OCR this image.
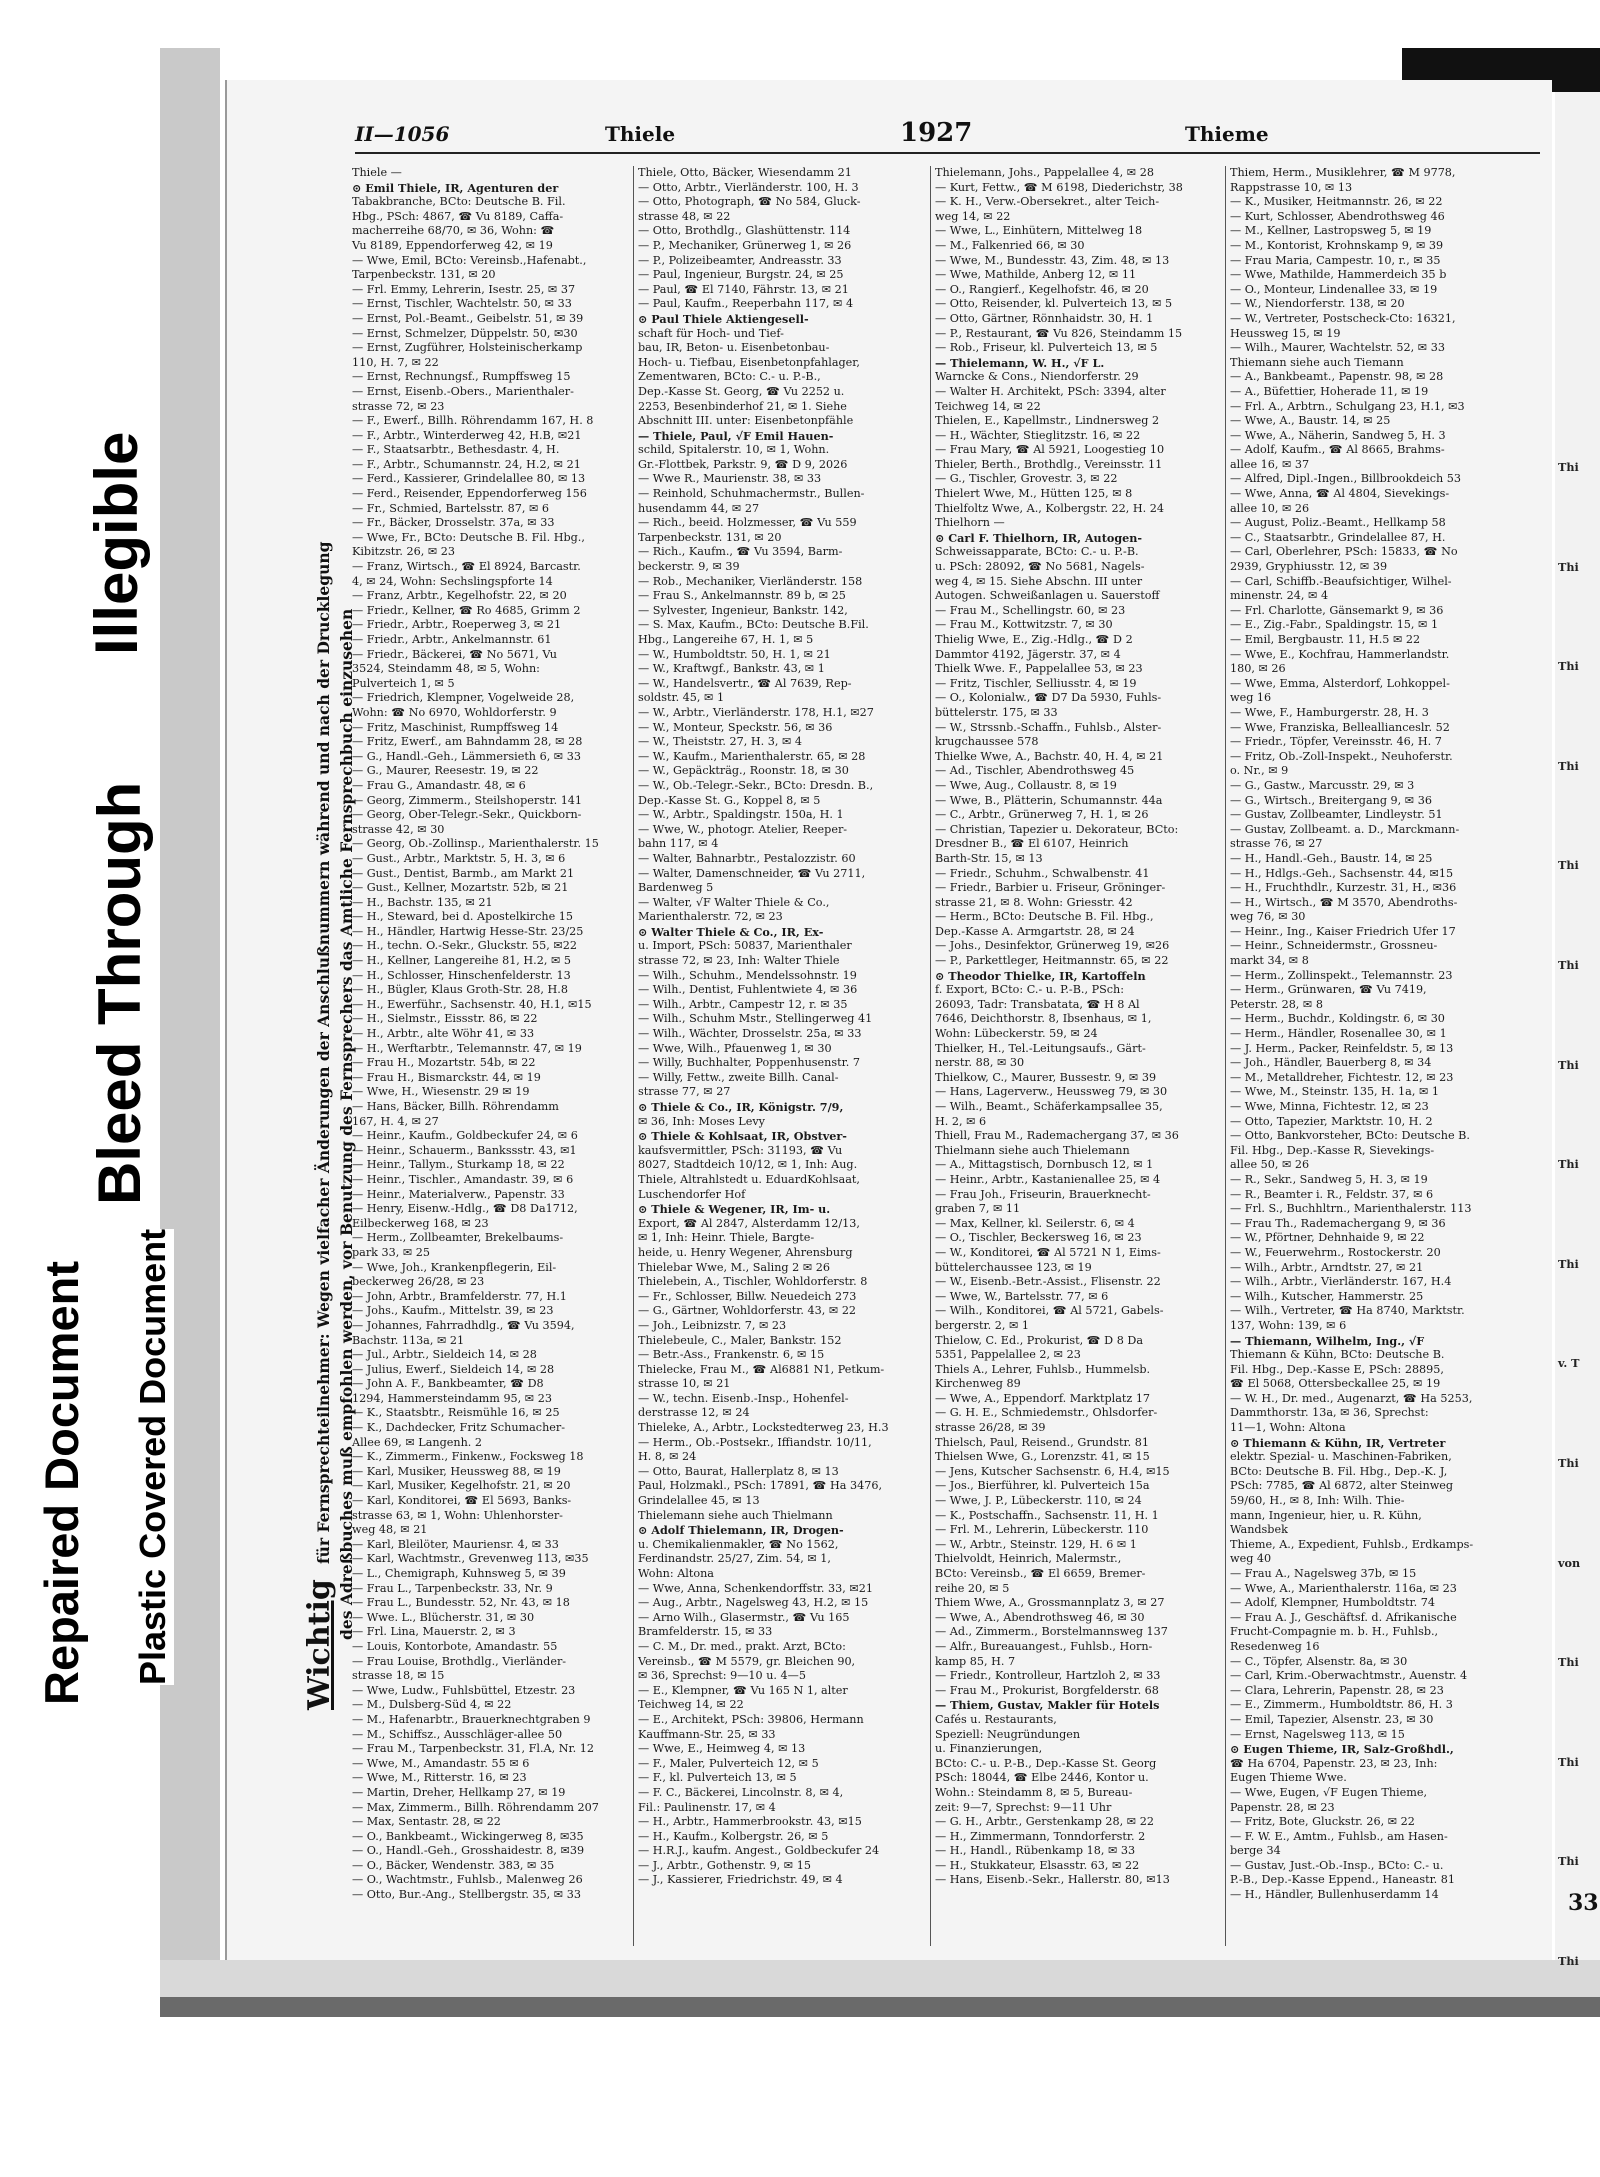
Repaired Document Plastic Covered Document
Bleed Through
Illegible
II—1056	Thiele	1927	Thieme
Wichtig für Fernsprechteilnehmer: Wegen vielfacher Änderungen der Anschlußnummern während und nach der Drucklegung des Adreßbuches muß empfohlen werden, vor Benutzung des Fernsprechers das Amtliche Fernsprechbuch einzusehen
Thiele —
⊙ Emil Thiele, IR, Agenturen der
Tabakbranche, BCto: Deutsche B. Fil.
Hbg., PSch: 4867, ☎ Vu 8189, Caffa-
macherreihe 68/70, ✉ 36, Wohn: ☎
Vu 8189, Eppendorferweg 42, ✉ 19
— Wwe, Emil, BCto: Vereinsb.,Hafenabt.,
Tarpenbeckstr. 131, ✉ 20
— Frl. Emmy, Lehrerin, Isestr. 25, ✉ 37
— Ernst, Tischler, Wachtelstr. 50, ✉ 33
— Ernst, Pol.-Beamt., Geibelstr. 51, ✉ 39
— Ernst, Schmelzer, Düppelstr. 50, ✉30
— Ernst, Zugführer, Holsteinischerkamp
110, H. 7, ✉ 22
— Ernst, Rechnungsf., Rumpffsweg 15
— Ernst, Eisenb.-Obers., Marienthaler-
strasse 72, ✉ 23
— F., Ewerf., Billh. Röhrendamm 167, H. 8
— F., Arbtr., Winterderweg 42, H.B, ✉21
— F., Staatsarbtr., Bethesdastr. 4, H.
— F., Arbtr., Schumannstr. 24, H.2, ✉ 21
— Ferd., Kassierer, Grindelallee 80, ✉ 13
— Ferd., Reisender, Eppendorferweg 156
— Fr., Schmied, Bartelsstr. 87, ✉ 6
— Fr., Bäcker, Drosselstr. 37a, ✉ 33
— Wwe, Fr., BCto: Deutsche B. Fil. Hbg.,
Kibitzstr. 26, ✉ 23
— Franz, Wirtsch., ☎ El 8924, Barcastr.
4, ✉ 24, Wohn: Sechslingspforte 14
— Franz, Arbtr., Kegelhofstr. 22, ✉ 20
— Friedr., Kellner, ☎ Ro 4685, Grimm 2
— Friedr., Arbtr., Roeperweg 3, ✉ 21
— Friedr., Arbtr., Ankelmannstr. 61
— Friedr., Bäckerei, ☎ No 5671, Vu
3524, Steindamm 48, ✉ 5, Wohn:
Pulverteich 1, ✉ 5
— Friedrich, Klempner, Vogelweide 28,
Wohn: ☎ No 6970, Wohldorferstr. 9
— Fritz, Maschinist, Rumpffsweg 14
— Fritz, Ewerf., am Bahndamm 28, ✉ 28
— G., Handl.-Geh., Lämmersieth 6, ✉ 33
— G., Maurer, Reesestr. 19, ✉ 22
— Frau G., Amandastr. 48, ✉ 6
— Georg, Zimmerm., Steilshoperstr. 141
— Georg, Ober-Telegr.-Sekr., Quickborn-
strasse 42, ✉ 30
— Georg, Ob.-Zollinsp., Marienthalerstr. 15
— Gust., Arbtr., Marktstr. 5, H. 3, ✉ 6
— Gust., Dentist, Barmb., am Markt 21
— Gust., Kellner, Mozartstr. 52b, ✉ 21
— H., Bachstr. 135, ✉ 21
— H., Steward, bei d. Apostelkirche 15
— H., Händler, Hartwig Hesse-Str. 23/25
— H., techn. O.-Sekr., Gluckstr. 55, ✉22
— H., Kellner, Langereihe 81, H.2, ✉ 5
— H., Schlosser, Hinschenfelderstr. 13
— H., Bügler, Klaus Groth-Str. 28, H.8
— H., Ewerführ., Sachsenstr. 40, H.1, ✉15
— H., Sielmstr., Eissstr. 86, ✉ 22
— H., Arbtr., alte Wöhr 41, ✉ 33
— H., Werftarbtr., Telemannstr. 47, ✉ 19
— Frau H., Mozartstr. 54b, ✉ 22
— Frau H., Bismarckstr. 44, ✉ 19
— Wwe, H., Wiesenstr. 29 ✉ 19
— Hans, Bäcker, Billh. Röhrendamm
167, H. 4, ✉ 27
— Heinr., Kaufm., Goldbeckufer 24, ✉ 6
— Heinr., Schauerm., Bankssstr. 43, ✉1
— Heinr., Tallym., Sturkamp 18, ✉ 22
— Heinr., Tischler., Amandastr. 39, ✉ 6
— Heinr., Materialverw., Papenstr. 33
— Henry, Eisenw.-Hdlg., ☎ D8 Da1712,
Eilbeckerweg 168, ✉ 23
— Herm., Zollbeamter, Brekelbaums-
park 33, ✉ 25
— Wwe, Joh., Krankenpflegerin, Eil-
beckerweg 26/28, ✉ 23
— John, Arbtr., Bramfelderstr. 77, H.1
— Johs., Kaufm., Mittelstr. 39, ✉ 23
— Johannes, Fahrradhdlg., ☎ Vu 3594,
Bachstr. 113a, ✉ 21
— Jul., Arbtr., Sieldeich 14, ✉ 28
— Julius, Ewerf., Sieldeich 14, ✉ 28
— John A. F., Bankbeamter, ☎ D8
1294, Hammersteindamm 95, ✉ 23
— K., Staatsbtr., Reismühle 16, ✉ 25
— K., Dachdecker, Fritz Schumacher-
Allee 69, ✉ Langenh. 2
— K., Zimmerm., Finkenw., Focksweg 18
— Karl, Musiker, Heussweg 88, ✉ 19
— Karl, Musiker, Kegelhofstr. 21, ✉ 20
— Karl, Konditorei, ☎ El 5693, Banks-
strasse 63, ✉ 1, Wohn: Uhlenhorster-
weg 48, ✉ 21
— Karl, Bleilöter, Mauriensr. 4, ✉ 33
— Karl, Wachtmstr., Grevenweg 113, ✉35
— L., Chemigraph, Kuhnsweg 5, ✉ 39
— Frau L., Tarpenbeckstr. 33, Nr. 9
— Frau L., Bundesstr. 52, Nr. 43, ✉ 18
— Wwe. L., Blücherstr. 31, ✉ 30
— Frl. Lina, Mauerstr. 2, ✉ 3
— Louis, Kontorbote, Amandastr. 55
— Frau Louise, Brothdlg., Vierländer-
strasse 18, ✉ 15
— Wwe, Ludw., Fuhlsbüttel, Etzestr. 23
— M., Dulsberg-Süd 4, ✉ 22
— M., Hafenarbtr., Brauerknechtgraben 9
— M., Schiffsz., Ausschläger-allee 50
— Frau M., Tarpenbeckstr. 31, Fl.A, Nr. 12
— Wwe, M., Amandastr. 55 ✉ 6
— Wwe, M., Ritterstr. 16, ✉ 23
— Martin, Dreher, Hellkamp 27, ✉ 19
— Max, Zimmerm., Billh. Röhrendamm 207
— Max, Sentastr. 28, ✉ 22
— O., Bankbeamt., Wickingerweg 8, ✉35
— O., Handl.-Geh., Grosshaidestr. 8, ✉39
— O., Bäcker, Wendenstr. 383, ✉ 35
— O., Wachtmstr., Fuhlsb., Malenweg 26
— Otto, Bur.-Ang., Stellbergstr. 35, ✉ 33
Thiele, Otto, Bäcker, Wiesendamm 21
— Otto, Arbtr., Vierländerstr. 100, H. 3
— Otto, Photograph, ☎ No 584, Gluck-
strasse 48, ✉ 22
— Otto, Brothdlg., Glashüttenstr. 114
— P., Mechaniker, Grünerweg 1, ✉ 26
— P., Polizeibeamter, Andreasstr. 33
— Paul, Ingenieur, Burgstr. 24, ✉ 25
— Paul, ☎ El 7140, Fährstr. 13, ✉ 21
— Paul, Kaufm., Reeperbahn 117, ✉ 4
⊙ Paul Thiele Aktiengesell-
schaft für Hoch- und Tief-
bau, IR, Beton- u. Eisenbetonbau-
Hoch- u. Tiefbau, Eisenbetonpfahlager,
Zementwaren, BCto: C.- u. P.-B.,
Dep.-Kasse St. Georg, ☎ Vu 2252 u.
2253, Besenbinderhof 21, ✉ 1. Siehe
Abschnitt III. unter: Eisenbetonpfähle
— Thiele, Paul, √F Emil Hauen-
schild, Spitalerstr. 10, ✉ 1, Wohn.
Gr.-Flottbek, Parkstr. 9, ☎ D 9, 2026
— Wwe R., Maurienstr. 38, ✉ 33
— Reinhold, Schuhmachermstr., Bullen-
husendamm 44, ✉ 27
— Rich., beeid. Holzmesser, ☎ Vu 559
Tarpenbeckstr. 131, ✉ 20
— Rich., Kaufm., ☎ Vu 3594, Barm-
beckerstr. 9, ✉ 39
— Rob., Mechaniker, Vierländerstr. 158
— Frau S., Ankelmannstr. 89 b, ✉ 25
— Sylvester, Ingenieur, Bankstr. 142,
— S. Max, Kaufm., BCto: Deutsche B.Fil.
Hbg., Langereihe 67, H. 1, ✉ 5
— W., Humboldtstr. 50, H. 1, ✉ 21
— W., Kraftwgf., Bankstr. 43, ✉ 1
— W., Handelsvertr., ☎ Al 7639, Rep-
soldstr. 45, ✉ 1
— W., Arbtr., Vierländerstr. 178, H.1, ✉27
— W., Monteur, Speckstr. 56, ✉ 36
— W., Theiststr. 27, H. 3, ✉ 4
— W., Kaufm., Marienthalerstr. 65, ✉ 28
— W., Gepäckträg., Roonstr. 18, ✉ 30
— W., Ob.-Telegr.-Sekr., BCto: Dresdn. B.,
Dep.-Kasse St. G., Koppel 8, ✉ 5
— W., Arbtr., Spaldingstr. 150a, H. 1
— Wwe, W., photogr. Atelier, Reeper-
bahn 117, ✉ 4
— Walter, Bahnarbtr., Pestalozzistr. 60
— Walter, Damenschneider, ☎ Vu 2711,
Bardenweg 5
— Walter, √F Walter Thiele & Co.,
Marienthalerstr. 72, ✉ 23
⊙ Walter Thiele & Co., IR, Ex-
u. Import, PSch: 50837, Marienthaler
strasse 72, ✉ 23, Inh: Walter Thiele
— Wilh., Schuhm., Mendelssohnstr. 19
— Wilh., Dentist, Fuhlentwiete 4, ✉ 36
— Wilh., Arbtr., Campestr 12, r. ✉ 35
— Wilh., Schuhm Mstr., Stellingerweg 41
— Wilh., Wächter, Drosselstr. 25a, ✉ 33
— Wwe, Wilh., Pfauenweg 1, ✉ 30
— Willy, Buchhalter, Poppenhusenstr. 7
— Willy, Fettw., zweite Billh. Canal-
strasse 77, ✉ 27
⊙ Thiele & Co., IR, Königstr. 7/9,
✉ 36, Inh: Moses Levy
⊙ Thiele & Kohlsaat, IR, Obstver-
kaufsvermittler, PSch: 31193, ☎ Vu
8027, Stadtdeich 10/12, ✉ 1, Inh: Aug.
Thiele, Altrahlstedt u. EduardKohlsaat,
Luschendorfer Hof
⊙ Thiele & Wegener, IR, Im- u.
Export, ☎ Al 2847, Alsterdamm 12/13,
✉ 1, Inh: Heinr. Thiele, Bargte-
heide, u. Henry Wegener, Ahrensburg
Thielebar Wwe, M., Saling 2 ✉ 26
Thielebein, A., Tischler, Wohldorferstr. 8
— Fr., Schlosser, Billw. Neuedeich 273
— G., Gärtner, Wohldorferstr. 43, ✉ 22
— Joh., Leibnizstr. 7, ✉ 23
Thielebeule, C., Maler, Bankstr. 152
— Betr.-Ass., Frankenstr. 6, ✉ 15
Thielecke, Frau M., ☎ Al6881 N1, Petkum-
strasse 10, ✉ 21
— W., techn. Eisenb.-Insp., Hohenfel-
derstrasse 12, ✉ 24
Thieleke, A., Arbtr., Lockstedterweg 23, H.3
— Herm., Ob.-Postsekr., Iffiandstr. 10/11,
H. 8, ✉ 24
— Otto, Baurat, Hallerplatz 8, ✉ 13
Paul, Holzmakl., PSch: 17891, ☎ Ha 3476,
Grindelallee 45, ✉ 13
Thielemann siehe auch Thielmann
⊙ Adolf Thielemann, IR, Drogen-
u. Chemikalienmakler, ☎ No 1562,
Ferdinandstr. 25/27, Zim. 54, ✉ 1,
Wohn: Altona
— Wwe, Anna, Schenkendorffstr. 33, ✉21
— Aug., Arbtr., Nagelsweg 43, H.2, ✉ 15
— Arno Wilh., Glasermstr., ☎ Vu 165
Bramfelderstr. 15, ✉ 33
— C. M., Dr. med., prakt. Arzt, BCto:
Vereinsb., ☎ M 5579, gr. Bleichen 90,
✉ 36, Sprechst: 9—10 u. 4—5
— E., Klempner, ☎ Vu 165 N 1, alter
Teichweg 14, ✉ 22
— E., Architekt, PSch: 39806, Hermann
Kauffmann-Str. 25, ✉ 33
— Wwe, E., Heimweg 4, ✉ 13
— F., Maler, Pulverteich 12, ✉ 5
— F., kl. Pulverteich 13, ✉ 5
— F. C., Bäckerei, Lincolnstr. 8, ✉ 4,
Fil.: Paulinenstr. 17, ✉ 4
— H., Arbtr., Hammerbrookstr. 43, ✉15
— H., Kaufm., Kolbergstr. 26, ✉ 5
— H.R.J., kaufm. Angest., Goldbeckufer 24
— J., Arbtr., Gothenstr. 9, ✉ 15
— J., Kassierer, Friedrichstr. 49, ✉ 4
Thielemann, Johs., Pappelallee 4, ✉ 28
— Kurt, Fettw., ☎ M 6198, Diederichstr, 38
— K. H., Verw.-Obersekret., alter Teich-
weg 14, ✉ 22
— Wwe, L., Einhütern, Mittelweg 18
— M., Falkenried 66, ✉ 30
— Wwe, M., Bundesstr. 43, Zim. 48, ✉ 13
— Wwe, Mathilde, Anberg 12, ✉ 11
— O., Rangierf., Kegelhofstr. 46, ✉ 20
— Otto, Reisender, kl. Pulverteich 13, ✉ 5
— Otto, Gärtner, Rönnhaidstr. 30, H. 1
— P., Restaurant, ☎ Vu 826, Steindamm 15
— Rob., Friseur, kl. Pulverteich 13, ✉ 5
— Thielemann, W. H., √F L.
Warncke & Cons., Niendorferstr. 29
— Walter H. Architekt, PSch: 3394, alter
Teichweg 14, ✉ 22
Thielen, E., Kapellmstr., Lindnersweg 2
— H., Wächter, Stieglitzstr. 16, ✉ 22
— Frau Mary, ☎ Al 5921, Loogestieg 10
Thieler, Berth., Brothdlg., Vereinsstr. 11
— G., Tischler, Grovestr. 3, ✉ 22
Thielert Wwe, M., Hütten 125, ✉ 8
Thielfoltz Wwe, A., Kolbergstr. 22, H. 24
Thielhorn —
⊙ Carl F. Thielhorn, IR, Autogen-
Schweissapparate, BCto: C.- u. P.-B.
u. PSch: 28092, ☎ No 5681, Nagels-
weg 4, ✉ 15. Siehe Abschn. III unter
Autogen. Schweißanlagen u. Sauerstoff
— Frau M., Schellingstr. 60, ✉ 23
— Frau M., Kottwitzstr. 7, ✉ 30
Thielig Wwe, E., Zig.-Hdlg., ☎ D 2
Dammtor 4192, Jägerstr. 37, ✉ 4
Thielk Wwe. F., Pappelallee 53, ✉ 23
— Fritz, Tischler, Selliusstr. 4, ✉ 19
— O., Kolonialw., ☎ D7 Da 5930, Fuhls-
büttelerstr. 175, ✉ 33
— W., Strssnb.-Schaffn., Fuhlsb., Alster-
krugchaussee 578
Thielke Wwe, A., Bachstr. 40, H. 4, ✉ 21
— Ad., Tischler, Abendrothsweg 45
— Wwe, Aug., Collaustr. 8, ✉ 19
— Wwe, B., Plätterin, Schumannstr. 44a
— C., Arbtr., Grünerweg 7, H. 1, ✉ 26
— Christian, Tapezier u. Dekorateur, BCto:
Dresdner B., ☎ El 6107, Heinrich
Barth-Str. 15, ✉ 13
— Friedr., Schuhm., Schwalbenstr. 41
— Friedr., Barbier u. Friseur, Gröninger-
strasse 21, ✉ 8. Wohn: Griesstr. 42
— Herm., BCto: Deutsche B. Fil. Hbg.,
Dep.-Kasse A. Armgartstr. 28, ✉ 24
— Johs., Desinfektor, Grünerweg 19, ✉26
— P., Parkettleger, Heitmannstr. 65, ✉ 22
⊙ Theodor Thielke, IR, Kartoffeln
f. Export, BCto: C.- u. P.-B., PSch:
26093, Tadr: Transbatata, ☎ H 8 Al
7646, Deichthorstr. 8, Ibsenhaus, ✉ 1,
Wohn: Lübeckerstr. 59, ✉ 24
Thielker, H., Tel.-Leitungsaufs., Gärt-
nerstr. 88, ✉ 30
Thielkow, C., Maurer, Bussestr. 9, ✉ 39
— Hans, Lagerverw., Heussweg 79, ✉ 30
— Wilh., Beamt., Schäferkampsallee 35,
H. 2, ✉ 6
Thiell, Frau M., Rademachergang 37, ✉ 36
Thielmann siehe auch Thielemann
— A., Mittagstisch, Dornbusch 12, ✉ 1
— Heinr., Arbtr., Kastanienallee 25, ✉ 4
— Frau Joh., Friseurin, Brauerknecht-
graben 7, ✉ 11
— Max, Kellner, kl. Seilerstr. 6, ✉ 4
— O., Tischler, Beckersweg 16, ✉ 23
— W., Konditorei, ☎ Al 5721 N 1, Eims-
büttelerchaussee 123, ✉ 19
— W., Eisenb.-Betr.-Assist., Flisenstr. 22
— Wwe, W., Bartelsstr. 77, ✉ 6
— Wilh., Konditorei, ☎ Al 5721, Gabels-
bergerstr. 2, ✉ 1
Thielow, C. Ed., Prokurist, ☎ D 8 Da
5351, Pappelallee 2, ✉ 23
Thiels A., Lehrer, Fuhlsb., Hummelsb.
Kirchenweg 89
— Wwe, A., Eppendorf. Marktplatz 17
— G. H. E., Schmiedemstr., Ohlsdorfer-
strasse 26/28, ✉ 39
Thielsch, Paul, Reisend., Grundstr. 81
Thielsen Wwe, G., Lorenzstr. 41, ✉ 15
— Jens, Kutscher Sachsenstr. 6, H.4, ✉15
— Jos., Bierführer, kl. Pulverteich 15a
— Wwe, J. P., Lübeckerstr. 110, ✉ 24
— K., Postschaffn., Sachsenstr. 11, H. 1
— Frl. M., Lehrerin, Lübeckerstr. 110
— W., Arbtr., Steinstr. 129, H. 6 ✉ 1
Thielvoldt, Heinrich, Malermstr.,
BCto: Vereinsb., ☎ El 6659, Bremer-
reihe 20, ✉ 5
Thiem Wwe, A., Grossmannplatz 3, ✉ 27
— Wwe, A., Abendrothsweg 46, ✉ 30
— Ad., Zimmerm., Borstelmannsweg 137
— Alfr., Bureauangest., Fuhlsb., Horn-
kamp 85, H. 7
— Friedr., Kontrolleur, Hartzloh 2, ✉ 33
— Frau M., Prokurist, Borgfelderstr. 68
— Thiem, Gustav, Makler für Hotels
Cafés u. Restaurants,
Speziell: Neugründungen
u. Finanzierungen,
BCto: C.- u. P.-B., Dep.-Kasse St. Georg
PSch: 18044, ☎ Elbe 2446, Kontor u.
Wohn.: Steindamm 8, ✉ 5, Bureau-
zeit: 9—7, Sprechst: 9—11 Uhr
— G. H., Arbtr., Gerstenkamp 28, ✉ 22
— H., Zimmermann, Tonndorferstr. 2
— H., Handl., Rübenkamp 18, ✉ 33
— H., Stukkateur, Elsasstr. 63, ✉ 22
— Hans, Eisenb.-Sekr., Hallerstr. 80, ✉13
Thiem, Herm., Musiklehrer, ☎ M 9778,
Rappstrasse 10, ✉ 13
— K., Musiker, Heitmannstr. 26, ✉ 22
— Kurt, Schlosser, Abendrothsweg 46
— M., Kellner, Lastropsweg 5, ✉ 19
— M., Kontorist, Krohnskamp 9, ✉ 39
— Frau Maria, Campestr. 10, r., ✉ 35
— Wwe, Mathilde, Hammerdeich 35 b
— O., Monteur, Lindenallee 33, ✉ 19
— W., Niendorferstr. 138, ✉ 20
— W., Vertreter, Postscheck-Cto: 16321,
Heussweg 15, ✉ 19
— Wilh., Maurer, Wachtelstr. 52, ✉ 33
Thiemann siehe auch Tiemann
— A., Bankbeamt., Papenstr. 98, ✉ 28
— A., Büfettier, Hoherade 11, ✉ 19
— Frl. A., Arbtrn., Schulgang 23, H.1, ✉3
— Wwe, A., Baustr. 14, ✉ 25
— Wwe, A., Näherin, Sandweg 5, H. 3
— Adolf, Kaufm., ☎ Al 8665, Brahms-
allee 16, ✉ 37
— Alfred, Dipl.-Ingen., Billbrookdeich 53
— Wwe, Anna, ☎ Al 4804, Sievekings-
allee 10, ✉ 26
— August, Poliz.-Beamt., Hellkamp 58
— C., Staatsarbtr., Grindelallee 87, H.
— Carl, Oberlehrer, PSch: 15833, ☎ No
2939, Gryphiusstr. 12, ✉ 39
— Carl, Schiffb.-Beaufsichtiger, Wilhel-
minenstr. 24, ✉ 4
— Frl. Charlotte, Gänsemarkt 9, ✉ 36
— E., Zig.-Fabr., Spaldingstr. 15, ✉ 1
— Emil, Bergbaustr. 11, H.5 ✉ 22
— Wwe, E., Kochfrau, Hammerlandstr.
180, ✉ 26
— Wwe, Emma, Alsterdorf, Lohkoppel-
weg 16
— Wwe, F., Hamburgerstr. 28, H. 3
— Wwe, Franziska, Belleallianceslr. 52
— Friedr., Töpfer, Vereinsstr. 46, H. 7
— Fritz, Ob.-Zoll-Inspekt., Neuhoferstr.
o. Nr., ✉ 9
— G., Gastw., Marcusstr. 29, ✉ 3
— G., Wirtsch., Breitergang 9, ✉ 36
— Gustav, Zollbeamter, Lindleystr. 51
— Gustav, Zollbeamt. a. D., Marckmann-
strasse 76, ✉ 27
— H., Handl.-Geh., Baustr. 14, ✉ 25
— H., Hdlgs.-Geh., Sachsenstr. 44, ✉15
— H., Fruchthdlr., Kurzestr. 31, H., ✉36
— H., Wirtsch., ☎ M 3570, Abendroths-
weg 76, ✉ 30
— Heinr., Ing., Kaiser Friedrich Ufer 17
— Heinr., Schneidermstr., Grossneu-
markt 34, ✉ 8
— Herm., Zollinspekt., Telemannstr. 23
— Herm., Grünwaren, ☎ Vu 7419,
Peterstr. 28, ✉ 8
— Herm., Buchdr., Koldingstr. 6, ✉ 30
— Herm., Händler, Rosenallee 30, ✉ 1
— J. Herm., Packer, Reinfeldstr. 5, ✉ 13
— Joh., Händler, Bauerberg 8, ✉ 34
— M., Metalldreher, Fichtestr. 12, ✉ 23
— Wwe, M., Steinstr. 135, H. 1a, ✉ 1
— Wwe, Minna, Fichtestr. 12, ✉ 23
— Otto, Tapezier, Marktstr. 10, H. 2
— Otto, Bankvorsteher, BCto: Deutsche B.
Fil. Hbg., Dep.-Kasse R, Sievekings-
allee 50, ✉ 26
— R., Sekr., Sandweg 5, H. 3, ✉ 19
— R., Beamter i. R., Feldstr. 37, ✉ 6
— Frl. S., Buchhltrn., Marienthalerstr. 113
— Frau Th., Rademachergang 9, ✉ 36
— W., Pförtner, Dehnhaide 9, ✉ 22
— W., Feuerwehrm., Rostockerstr. 20
— Wilh., Arbtr., Arndtstr. 27, ✉ 21
— Wilh., Arbtr., Vierländerstr. 167, H.4
— Wilh., Kutscher, Hammerstr. 25
— Wilh., Vertreter, ☎ Ha 8740, Marktstr.
137, Wohn: 139, ✉ 6
— Thiemann, Wilhelm, Ing., √F
Thiemann & Kühn, BCto: Deutsche B.
Fil. Hbg., Dep.-Kasse E, PSch: 28895,
☎ El 5068, Ottersbeckallee 25, ✉ 19
— W. H., Dr. med., Augenarzt, ☎ Ha 5253,
Dammthorstr. 13a, ✉ 36, Sprechst:
11—1, Wohn: Altona
⊙ Thiemann & Kühn, IR, Vertreter
elektr. Spezial- u. Maschinen-Fabriken,
BCto: Deutsche B. Fil. Hbg., Dep.-K. J,
PSch: 7785, ☎ Al 6872, alter Steinweg
59/60, H., ✉ 8, Inh: Wilh. Thie-
mann, Ingenieur, hier, u. R. Kühn,
Wandsbek
Thieme, A., Expedient, Fuhlsb., Erdkamps-
weg 40
— Frau A., Nagelsweg 37b, ✉ 15
— Wwe, A., Marienthalerstr. 116a, ✉ 23
— Adolf, Klempner, Humboldtstr. 74
— Frau A. J., Geschäftsf. d. Afrikanische
Frucht-Compagnie m. b. H., Fuhlsb.,
Resedenweg 16
— C., Töpfer, Alsenstr. 8a, ✉ 30
— Carl, Krim.-Oberwachtmstr., Auenstr. 4
— Clara, Lehrerin, Papenstr. 28, ✉ 23
— E., Zimmerm., Humboldtstr. 86, H. 3
— Emil, Tapezier, Alsenstr. 23, ✉ 30
— Ernst, Nagelsweg 113, ✉ 15
⊙ Eugen Thieme, IR, Salz-Großhdl.,
☎ Ha 6704, Papenstr. 23, ✉ 23, Inh:
Eugen Thieme Wwe.
— Wwe, Eugen, √F Eugen Thieme,
Papenstr. 28, ✉ 23
— Fritz, Bote, Gluckstr. 26, ✉ 22
— F. W. E., Amtm., Fuhlsb., am Hasen-
berge 34
— Gustav, Just.-Ob.-Insp., BCto: C.- u.
P.-B., Dep.-Kasse Eppend., Haneastr. 81
— H., Händler, Bullenhuserdamm 14
Thi
Thi
Thi
Thi
Thi
Thi
Thi
Thi
Thi
v. T
Thi
von
Thi
Thi
Thi
Thi
33
